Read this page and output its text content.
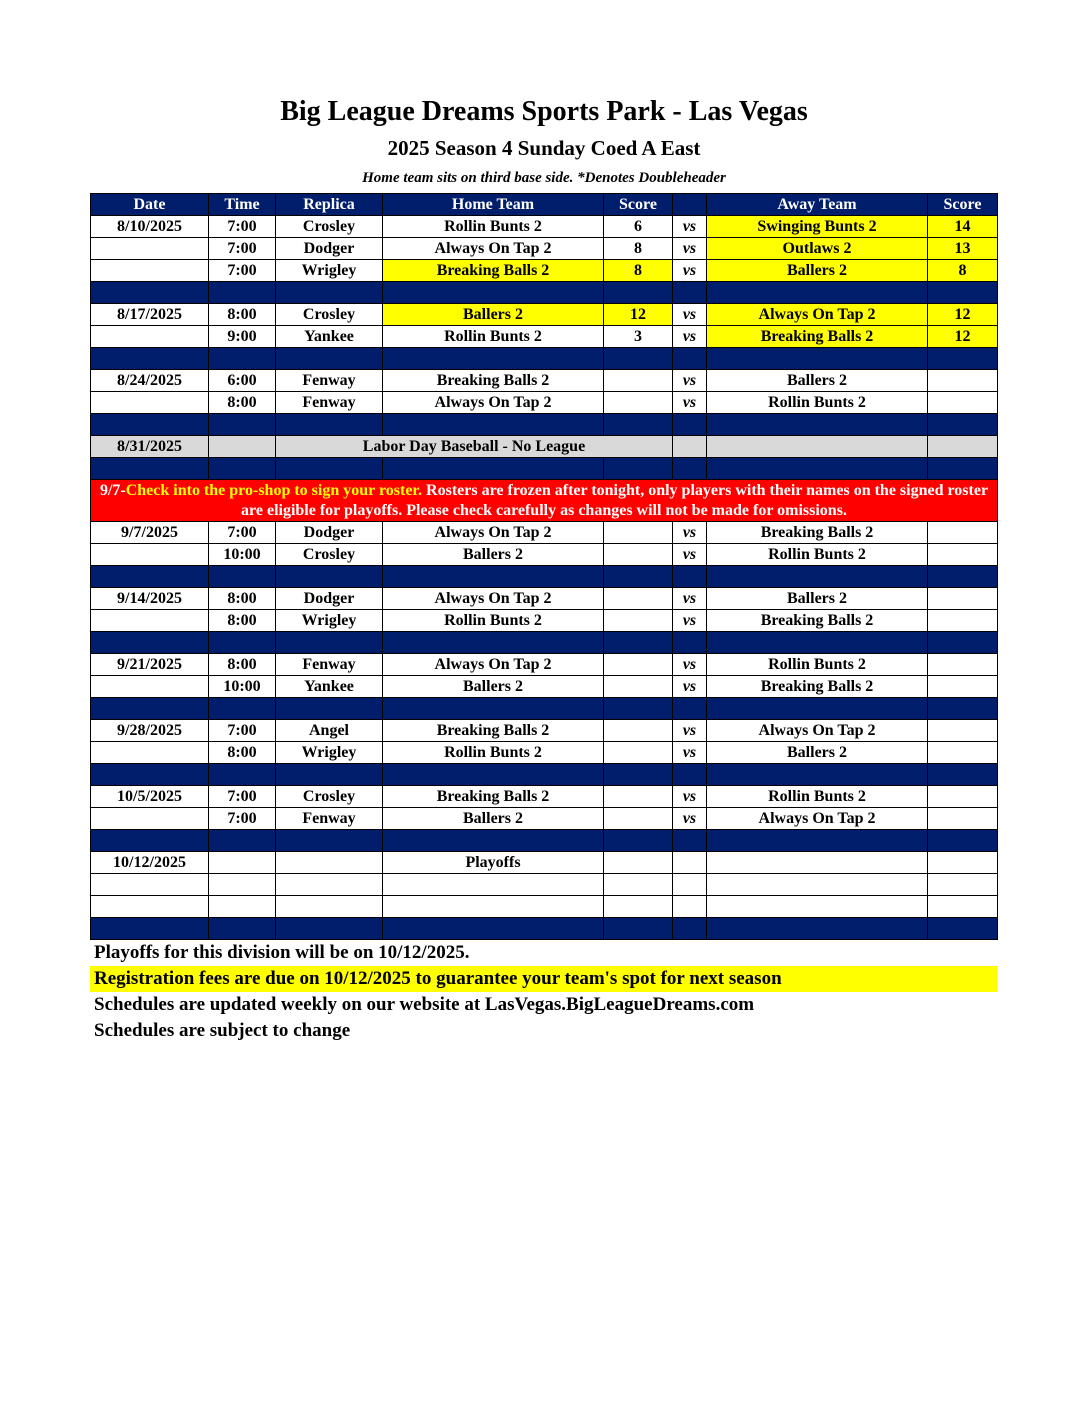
Big League Dreams Sports Park - Las Vegas
2025 Season 4 Sunday Coed A East
Home team sits on third base side. *Denotes Doubleheader
Date	Time	Replica	Home Team	Score		Away Team	Score
8/10/2025	7:00	Crosley	Rollin Bunts 2	6	vs	Swinging Bunts 2	14
	7:00	Dodger	Always On Tap 2	8	vs	Outlaws 2	13
	7:00	Wrigley	Breaking Balls 2	8	vs	Ballers 2	8

8/17/2025	8:00	Crosley	Ballers 2	12	vs	Always On Tap 2	12
	9:00	Yankee	Rollin Bunts 2	3	vs	Breaking Balls 2	12

8/24/2025	6:00	Fenway	Breaking Balls 2		vs	Ballers 2	
	8:00	Fenway	Always On Tap 2		vs	Rollin Bunts 2	

8/31/2025		Labor Day Baseball - No League					

9/7-Check into the pro-shop to sign your roster. Rosters are frozen after tonight, only players with their names on the signed roster are eligible for playoffs. Please check carefully as changes will not be made for omissions.							
9/7/2025	7:00	Dodger	Always On Tap 2		vs	Breaking Balls 2	
	10:00	Crosley	Ballers 2		vs	Rollin Bunts 2	

9/14/2025	8:00	Dodger	Always On Tap 2		vs	Ballers 2	
	8:00	Wrigley	Rollin Bunts 2		vs	Breaking Balls 2	

9/21/2025	8:00	Fenway	Always On Tap 2		vs	Rollin Bunts 2	
	10:00	Yankee	Ballers 2		vs	Breaking Balls 2	

9/28/2025	7:00	Angel	Breaking Balls 2		vs	Always On Tap 2	
	8:00	Wrigley	Rollin Bunts 2		vs	Ballers 2	

10/5/2025	7:00	Crosley	Breaking Balls 2		vs	Rollin Bunts 2	
	7:00	Fenway	Ballers 2		vs	Always On Tap 2	

10/12/2025			Playoffs				

Playoffs for this division will be on 10/12/2025.
Registration fees are due on 10/12/2025 to guarantee your team's spot for next season
Schedules are updated weekly on our website at LasVegas.BigLeagueDreams.com
Schedules are subject to change
